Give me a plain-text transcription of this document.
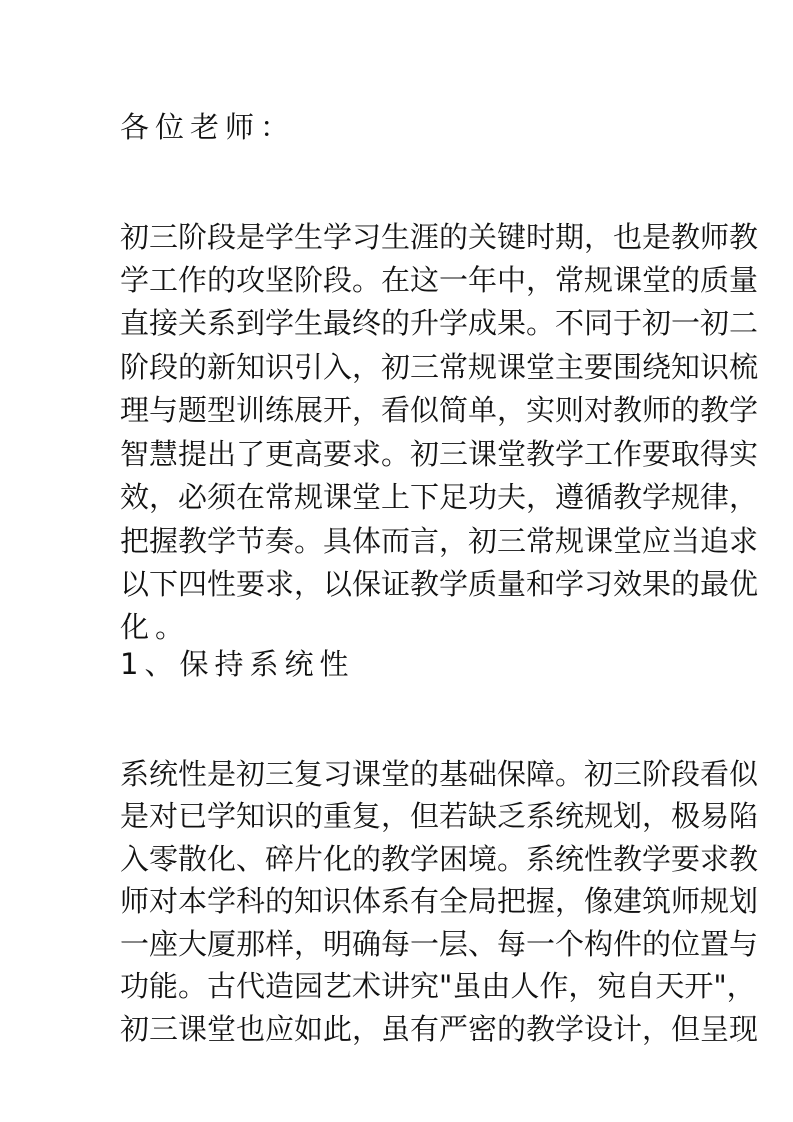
各位老师：
初三阶段是学生学习生涯的关键时期，也是教师教
学工作的攻坚阶段。在这一年中，常规课堂的质量
直接关系到学生最终的升学成果。不同于初一初二
阶段的新知识引入，初三常规课堂主要围绕知识梳
理与题型训练展开，看似简单，实则对教师的教学
智慧提出了更高要求。初三课堂教学工作要取得实
效，必须在常规课堂上下足功夫，遵循教学规律，
把握教学节奏。具体而言，初三常规课堂应当追求
以下四性要求，以保证教学质量和学习效果的最优
化。
1、保持系统性
系统性是初三复习课堂的基础保障。初三阶段看似
是对已学知识的重复，但若缺乏系统规划，极易陷
入零散化、碎片化的教学困境。系统性教学要求教
师对本学科的知识体系有全局把握，像建筑师规划
一座大厦那样，明确每一层、每一个构件的位置与
功能。古代造园艺术讲究"虽由人作，宛自天开"，
初三课堂也应如此，虽有严密的教学设计，但呈现
